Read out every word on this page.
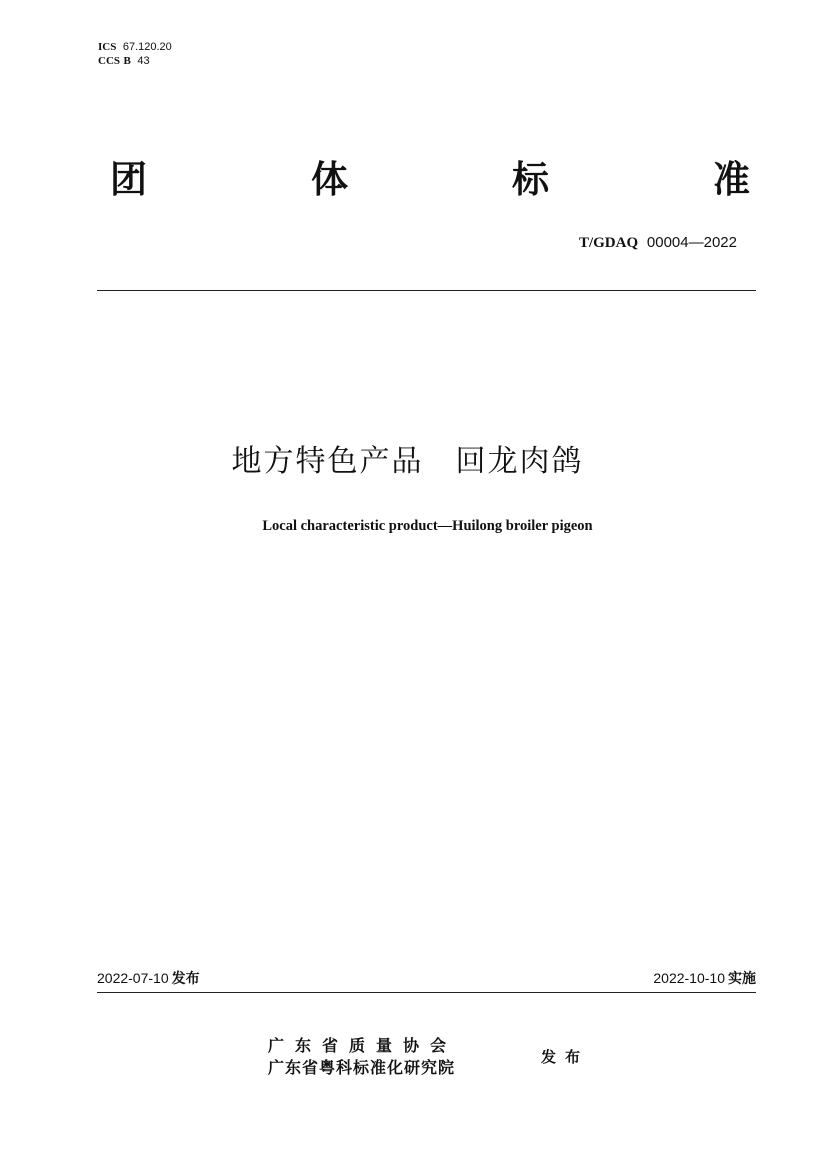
ICS 67.120.20
CCS B 43
团	体	标	准
T/GDAQ 00004—2022
地方特色产品　回龙肉鸽
Local characteristic product—Huilong broiler pigeon
2022-07-10 发布	2022-10-10 实施
广东省质量协会
广东省粤科标准化研究院
发布
